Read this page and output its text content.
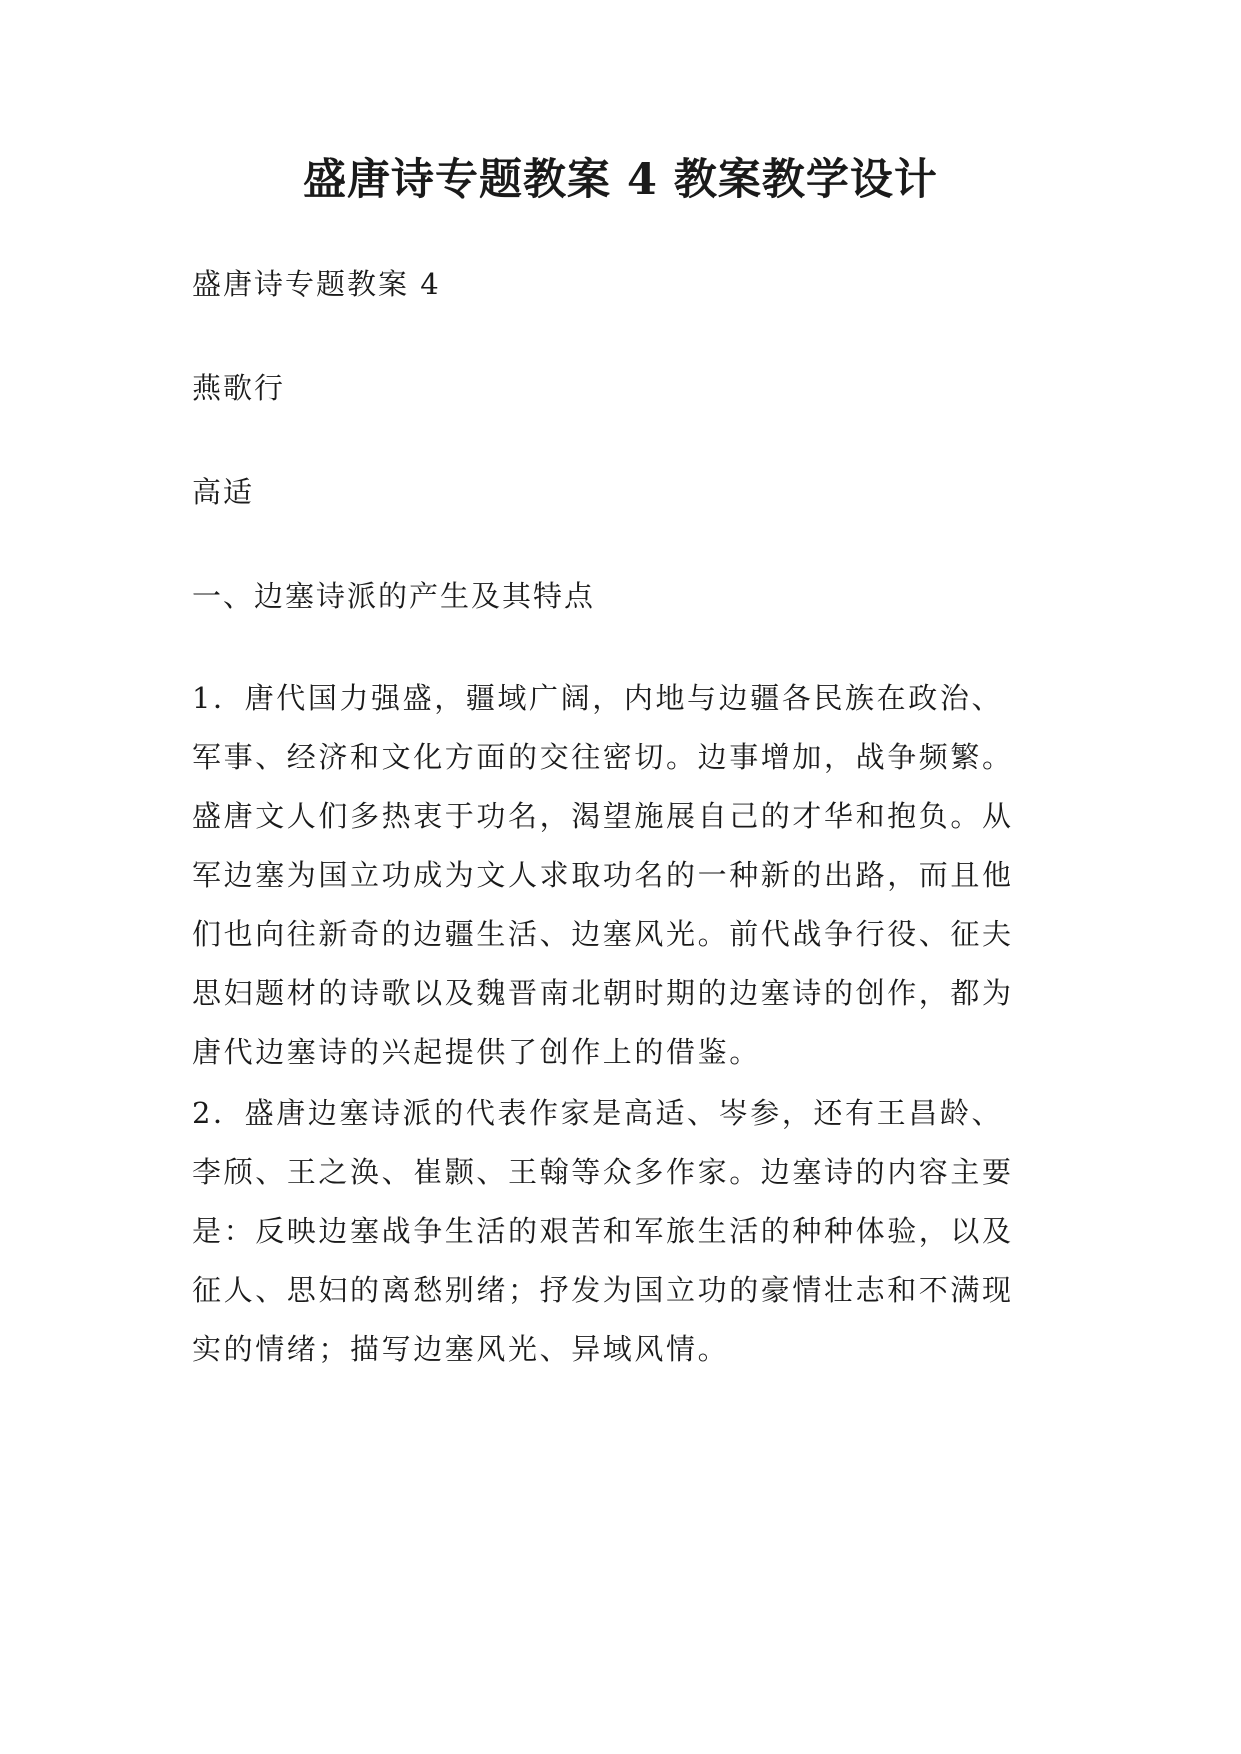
盛唐诗专题教案 4 教案教学设计

盛唐诗专题教案 4

燕歌行

高适

一、边塞诗派的产生及其特点

1．唐代国力强盛，疆域广阔，内地与边疆各民族在政治、
军事、经济和文化方面的交往密切。边事增加，战争频繁。
盛唐文人们多热衷于功名，渴望施展自己的才华和抱负。从
军边塞为国立功成为文人求取功名的一种新的出路，而且他
们也向往新奇的边疆生活、边塞风光。前代战争行役、征夫
思妇题材的诗歌以及魏晋南北朝时期的边塞诗的创作，都为
唐代边塞诗的兴起提供了创作上的借鉴。
2．盛唐边塞诗派的代表作家是高适、岑参，还有王昌龄、
李颀、王之涣、崔颢、王翰等众多作家。边塞诗的内容主要
是：反映边塞战争生活的艰苦和军旅生活的种种体验，以及
征人、思妇的离愁别绪；抒发为国立功的豪情壮志和不满现
实的情绪；描写边塞风光、异域风情。
